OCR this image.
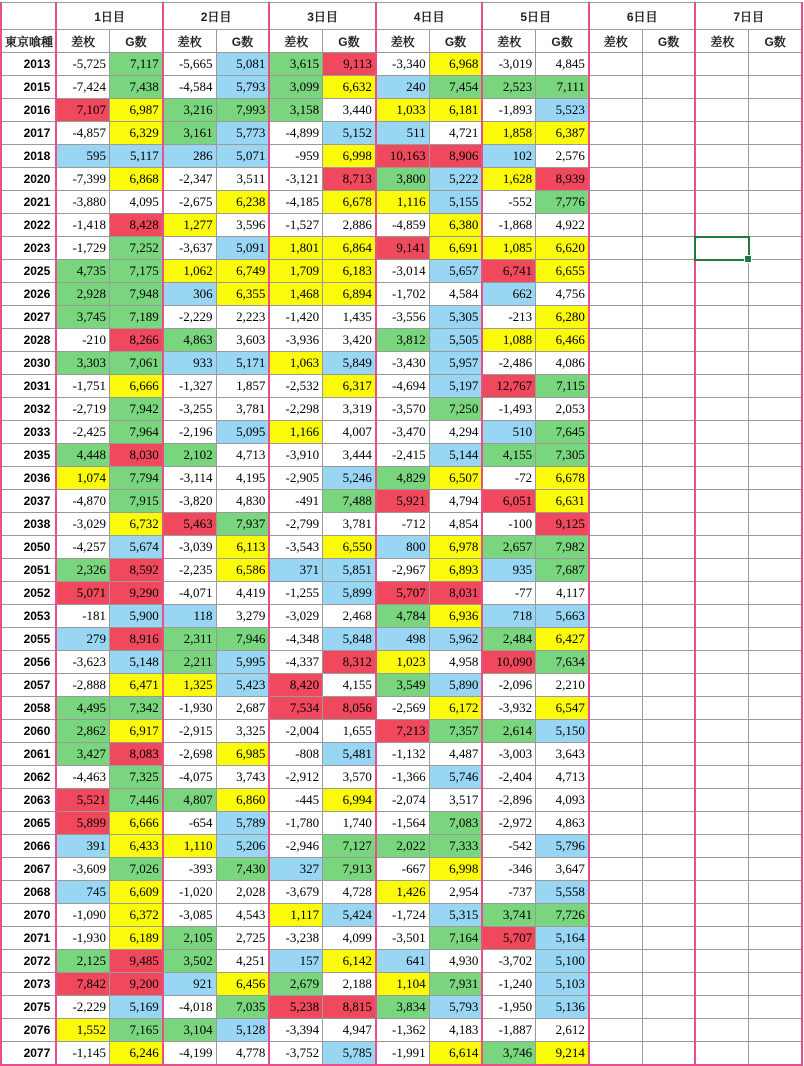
	1日目		2日目		3日目		4日目		5日目		6日目		7日目	
東京喰種	差枚	G数	差枚	G数	差枚	G数	差枚	G数	差枚	G数	差枚	G数	差枚	G数
2013	-5,725	7,117	-5,665	5,081	3,615	9,113	-3,340	6,968	-3,019	4,845				
2015	-7,424	7,438	-4,584	5,793	3,099	6,632	240	7,454	2,523	7,111				
2016	7,107	6,987	3,216	7,993	3,158	3,440	1,033	6,181	-1,893	5,523				
2017	-4,857	6,329	3,161	5,773	-4,899	5,152	511	4,721	1,858	6,387				
2018	595	5,117	286	5,071	-959	6,998	10,163	8,906	102	2,576				
2020	-7,399	6,868	-2,347	3,511	-3,121	8,713	3,800	5,222	1,628	8,939				
2021	-3,880	4,095	-2,675	6,238	-4,185	6,678	1,116	5,155	-552	7,776				
2022	-1,418	8,428	1,277	3,596	-1,527	2,886	-4,859	6,380	-1,868	4,922				
2023	-1,729	7,252	-3,637	5,091	1,801	6,864	9,141	6,691	1,085	6,620				
2025	4,735	7,175	1,062	6,749	1,709	6,183	-3,014	5,657	6,741	6,655				
2026	2,928	7,948	306	6,355	1,468	6,894	-1,702	4,584	662	4,756				
2027	3,745	7,189	-2,229	2,223	-1,420	1,435	-3,556	5,305	-213	6,280				
2028	-210	8,266	4,863	3,603	-3,936	3,420	3,812	5,505	1,088	6,466				
2030	3,303	7,061	933	5,171	1,063	5,849	-3,430	5,957	-2,486	4,086				
2031	-1,751	6,666	-1,327	1,857	-2,532	6,317	-4,694	5,197	12,767	7,115				
2032	-2,719	7,942	-3,255	3,781	-2,298	3,319	-3,570	7,250	-1,493	2,053				
2033	-2,425	7,964	-2,196	5,095	1,166	4,007	-3,470	4,294	510	7,645				
2035	4,448	8,030	2,102	4,713	-3,910	3,444	-2,415	5,144	4,155	7,305				
2036	1,074	7,794	-3,114	4,195	-2,905	5,246	4,829	6,507	-72	6,678				
2037	-4,870	7,915	-3,820	4,830	-491	7,488	5,921	4,794	6,051	6,631				
2038	-3,029	6,732	5,463	7,937	-2,799	3,781	-712	4,854	-100	9,125				
2050	-4,257	5,674	-3,039	6,113	-3,543	6,550	800	6,978	2,657	7,982				
2051	2,326	8,592	-2,235	6,586	371	5,851	-2,967	6,893	935	7,687				
2052	5,071	9,290	-4,071	4,419	-1,255	5,899	5,707	8,031	-77	4,117				
2053	-181	5,900	118	3,279	-3,029	2,468	4,784	6,936	718	5,663				
2055	279	8,916	2,311	7,946	-4,348	5,848	498	5,962	2,484	6,427				
2056	-3,623	5,148	2,211	5,995	-4,337	8,312	1,023	4,958	10,090	7,634				
2057	-2,888	6,471	1,325	5,423	8,420	4,155	3,549	5,890	-2,096	2,210				
2058	4,495	7,342	-1,930	2,687	7,534	8,056	-2,569	6,172	-3,932	6,547				
2060	2,862	6,917	-2,915	3,325	-2,004	1,655	7,213	7,357	2,614	5,150				
2061	3,427	8,083	-2,698	6,985	-808	5,481	-1,132	4,487	-3,003	3,643				
2062	-4,463	7,325	-4,075	3,743	-2,912	3,570	-1,366	5,746	-2,404	4,713				
2063	5,521	7,446	4,807	6,860	-445	6,994	-2,074	3,517	-2,896	4,093				
2065	5,899	6,666	-654	5,789	-1,780	1,740	-1,564	7,083	-2,972	4,863				
2066	391	6,433	1,110	5,206	-2,946	7,127	2,022	7,333	-542	5,796				
2067	-3,609	7,026	-393	7,430	327	7,913	-667	6,998	-346	3,647				
2068	745	6,609	-1,020	2,028	-3,679	4,728	1,426	2,954	-737	5,558				
2070	-1,090	6,372	-3,085	4,543	1,117	5,424	-1,724	5,315	3,741	7,726				
2071	-1,930	6,189	2,105	2,725	-3,238	4,099	-3,501	7,164	5,707	5,164				
2072	2,125	9,485	3,502	4,251	157	6,142	641	4,930	-3,702	5,100				
2073	7,842	9,200	921	6,456	2,679	2,188	1,104	7,931	-1,240	5,103				
2075	-2,229	5,169	-4,018	7,035	5,238	8,815	3,834	5,793	-1,950	5,136				
2076	1,552	7,165	3,104	5,128	-3,394	4,947	-1,362	4,183	-1,887	2,612				
2077	-1,145	6,246	-4,199	4,778	-3,752	5,785	-1,991	6,614	3,746	9,214				
